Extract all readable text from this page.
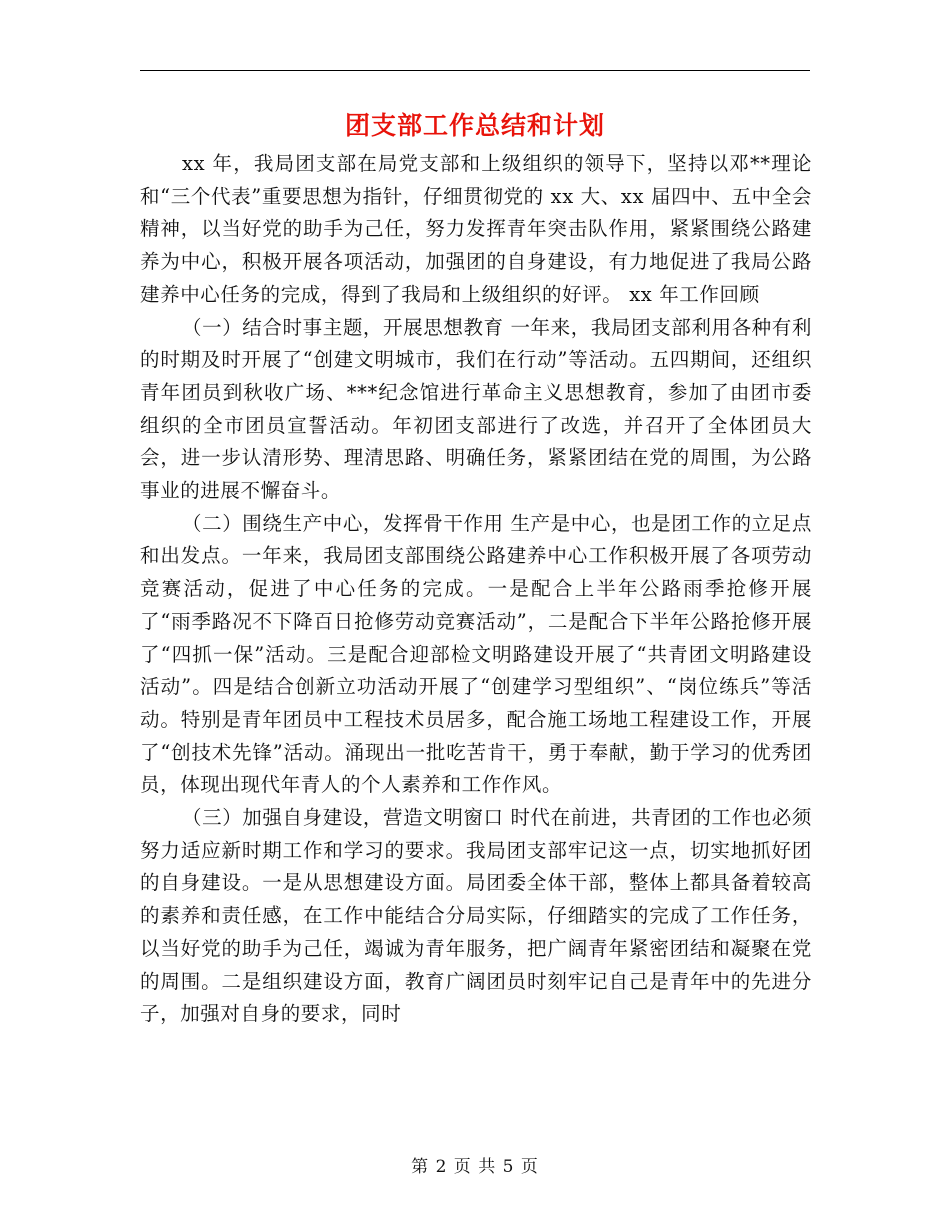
团支部工作总结和计划

xx 年，我局团支部在局党支部和上级组织的领导下，坚持以邓**理论和“三个代表”重要思想为指针，仔细贯彻党的 xx 大、xx 届四中、五中全会精神，以当好党的助手为己任，努力发挥青年突击队作用，紧紧围绕公路建养为中心，积极开展各项活动，加强团的自身建设，有力地促进了我局公路建养中心任务的完成，得到了我局和上级组织的好评。 xx 年工作回顾

（一）结合时事主题，开展思想教育 一年来，我局团支部利用各种有利的时期及时开展了“创建文明城市，我们在行动”等活动。五四期间，还组织青年团员到秋收广场、***纪念馆进行革命主义思想教育，参加了由团市委组织的全市团员宣誓活动。年初团支部进行了改选，并召开了全体团员大会，进一步认清形势、理清思路、明确任务，紧紧团结在党的周围，为公路事业的进展不懈奋斗。

（二）围绕生产中心，发挥骨干作用 生产是中心，也是团工作的立足点和出发点。一年来，我局团支部围绕公路建养中心工作积极开展了各项劳动竞赛活动，促进了中心任务的完成。一是配合上半年公路雨季抢修开展了“雨季路况不下降百日抢修劳动竞赛活动”，二是配合下半年公路抢修开展了“四抓一保”活动。三是配合迎部检文明路建设开展了“共青团文明路建设活动”。四是结合创新立功活动开展了“创建学习型组织”、“岗位练兵”等活动。特别是青年团员中工程技术员居多，配合施工场地工程建设工作，开展了“创技术先锋”活动。涌现出一批吃苦肯干，勇于奉献，勤于学习的优秀团员，体现出现代年青人的个人素养和工作作风。

（三）加强自身建设，营造文明窗口 时代在前进，共青团的工作也必须努力适应新时期工作和学习的要求。我局团支部牢记这一点，切实地抓好团的自身建设。一是从思想建设方面。局团委全体干部，整体上都具备着较高的素养和责任感，在工作中能结合分局实际，仔细踏实的完成了工作任务，以当好党的助手为己任，竭诚为青年服务，把广阔青年紧密团结和凝聚在党的周围。二是组织建设方面，教育广阔团员时刻牢记自己是青年中的先进分子，加强对自身的要求，同时

第 2 页 共 5 页
